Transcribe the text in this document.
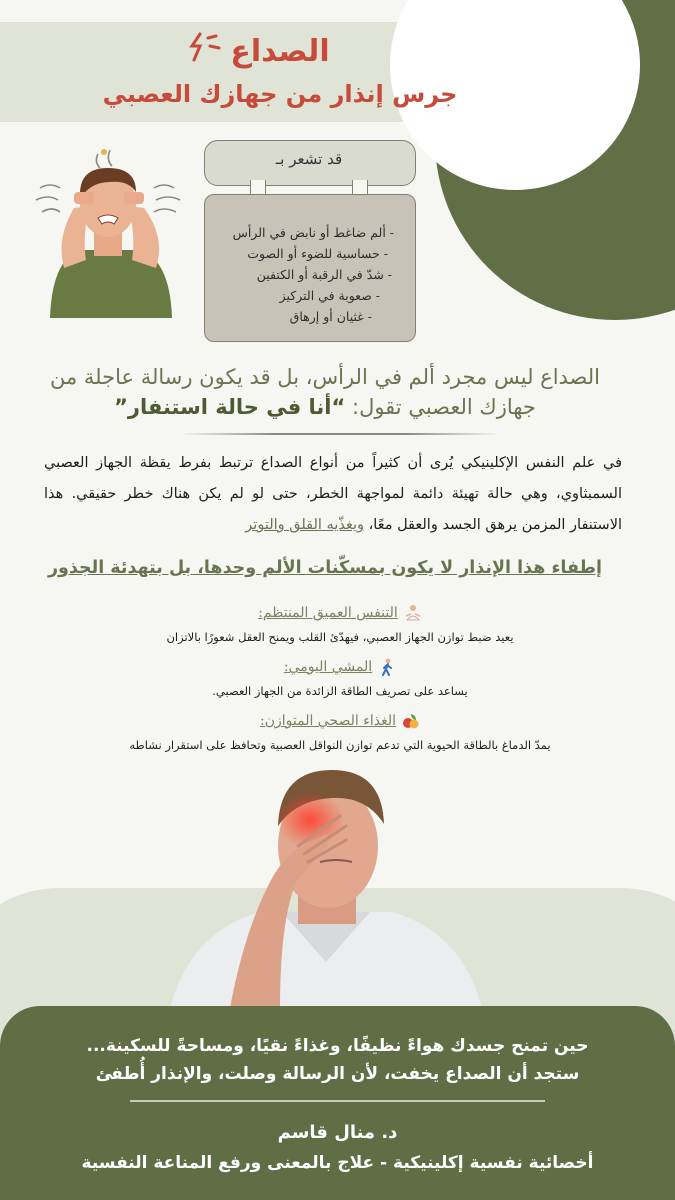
الصداع
جرس إنذار من جهازك العصبي
قد تشعر بـ
- ألم ضاغط أو نابض في الرأس
- حساسية للضوء أو الصوت
- شدّ في الرقبة أو الكتفين
- صعوبة في التركيز
- غثيان أو إرهاق
الصداع ليس مجرد ألم في الرأس، بل قد يكون رسالة عاجلة من
جهازك العصبي تقول: “أنا في حالة استنفار”
في علم النفس الإكلينيكي يُرى أن كثيراً من أنواع الصداع ترتبط بفرط يقظة الجهاز العصبي السمبثاوي، وهي حالة تهيئة دائمة لمواجهة الخطر، حتى لو لم يكن هناك خطر حقيقي. هذا الاستنفار المزمن يرهق الجسد والعقل معًا، ويغذّيه القلق والتوتر
إطفاء هذا الإنذار لا يكون بمسكّنات الألم وحدها، بل بتهدئة الجذور
التنفس العميق المنتظم:
يعيد ضبط توازن الجهاز العصبي، فيهدّئ القلب ويمنح العقل شعورًا بالاتزان
المشي اليومي:
يساعد على تصريف الطاقة الزائدة من الجهاز العصبي.
الغذاء الصحي المتوازن:
يمدّ الدماغ بالطاقة الحيوية التي تدعم توازن النواقل العصبية وتحافظ على استقرار نشاطه
حين تمنح جسدك هواءً نظيفًا، وغذاءً نقيًا، ومساحةً للسكينة...
ستجد أن الصداع يخفت، لأن الرسالة وصلت، والإنذار أُطفئ
د. منال قاسم
أخصائية نفسية إكلينيكية - علاج بالمعنى ورفع المناعة النفسية
